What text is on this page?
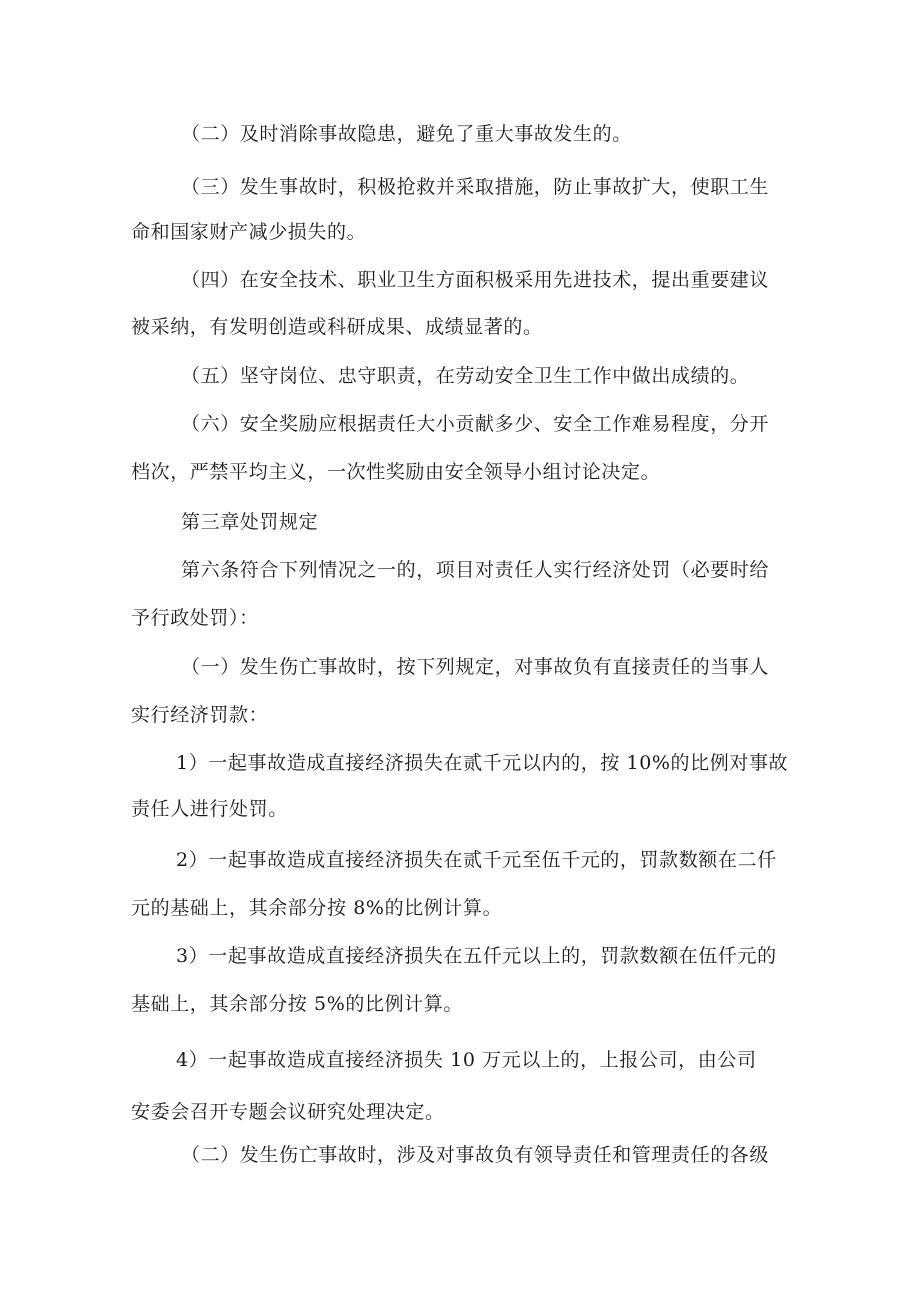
（二）及时消除事故隐患，避免了重大事故发生的。
（三）发生事故时，积极抢救并采取措施，防止事故扩大，使职工生
命和国家财产减少损失的。
（四）在安全技术、职业卫生方面积极采用先进技术，提出重要建议
被采纳，有发明创造或科研成果、成绩显著的。
（五）坚守岗位、忠守职责，在劳动安全卫生工作中做出成绩的。
（六）安全奖励应根据责任大小贡献多少、安全工作难易程度，分开
档次，严禁平均主义，一次性奖励由安全领导小组讨论决定。
第三章处罚规定
第六条符合下列情况之一的，项目对责任人实行经济处罚（必要时给
予行政处罚）：
（一）发生伤亡事故时，按下列规定，对事故负有直接责任的当事人
实行经济罚款：
1）一起事故造成直接经济损失在贰千元以内的，按 10%的比例对事故
责任人进行处罚。
2）一起事故造成直接经济损失在贰千元至伍千元的，罚款数额在二仟
元的基础上，其余部分按 8%的比例计算。
3）一起事故造成直接经济损失在五仟元以上的，罚款数额在伍仟元的
基础上，其余部分按 5%的比例计算。
4）一起事故造成直接经济损失 10 万元以上的，上报公司，由公司
安委会召开专题会议研究处理决定。
（二）发生伤亡事故时，涉及对事故负有领导责任和管理责任的各级
